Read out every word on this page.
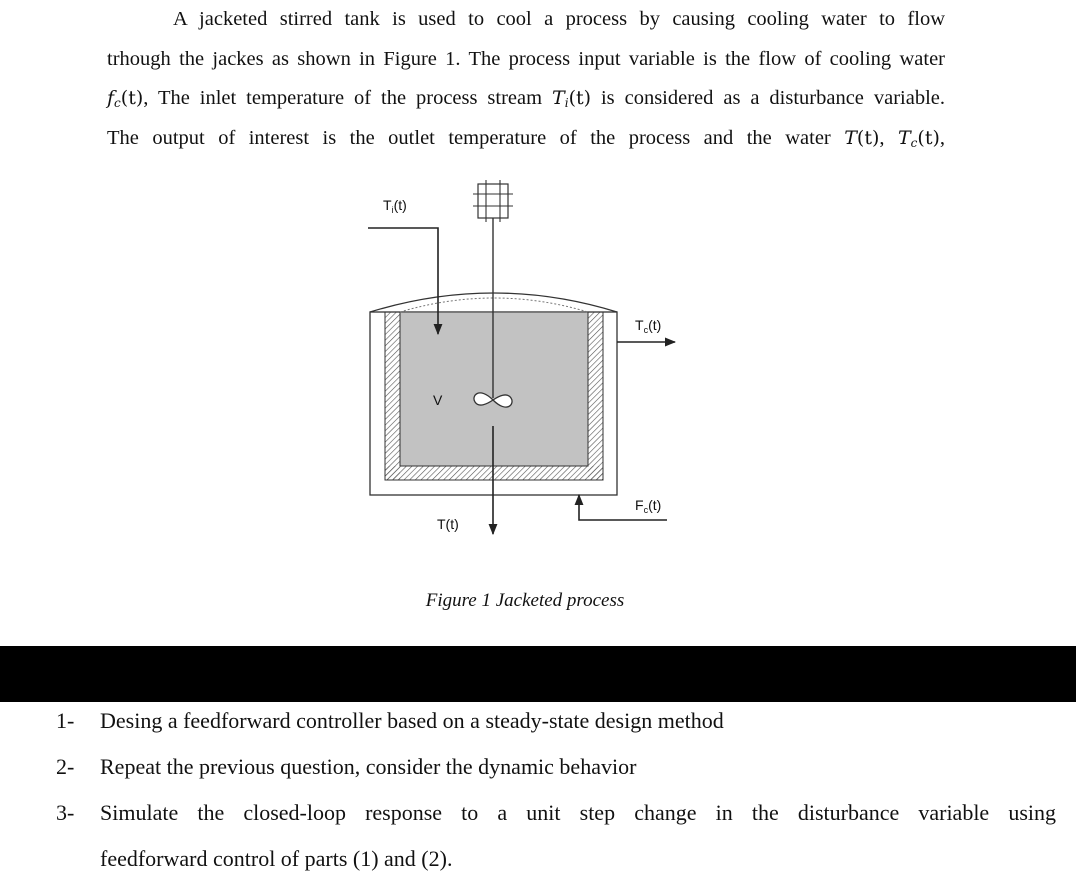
A jacketed stirred tank is used to cool a process by causing cooling water to flow
trhough the jackes as shown in Figure 1. The process input variable is the flow of cooling water
$f_c(t)$, The inlet temperature of the process stream $T_i(t)$ is considered as a disturbance variable.
The output of interest is the outlet temperature of the process and the water T(t), $T_c(t)$,
$T_i(t)$
V
T(t)
$T_c(t)$
$F_c(t)$
Figure 1 Jacketed process
1- Desing a feedforward controller based on a steady-state design method
2- Repeat the previous question, consider the dynamic behavior
3- Simulate the closed-loop response to a unit step change in the disturbance variable using
feedforward control of parts (1) and (2).
